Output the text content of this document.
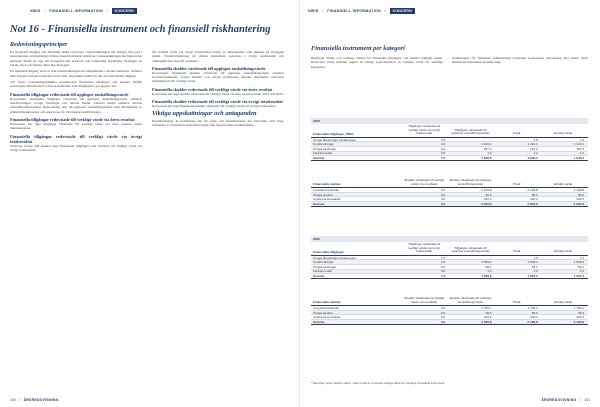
NWIS // FINANSIELL INFORMATION //	KONCERN
Not 16 - Finansiella instrument och finansiell riskhantering
Redovisningsprinciper

En finansiell tillgång och finansiell skuld redovisas i balansräkningen när bolaget blir part i instrumentets avtalsmässiga villkor. Kundfordringar redovisas i balansräkningen när faktura har skickats. Skuld tas upp när motparten har presterat och avtalsenlig skyldighet föreligger att betala, även om faktura ännu inte mottagits.

En finansiell tillgång tas bort från balansräkningen när rättigheterna i avtalet realiseras, förfaller eller bolaget förlorar kontrollen över dem. Detsamma gäller för del av en finansiell tillgång.

Vid första redovisningstillfället klassificeras finansiella tillgångar och skulder utifrån koncernens affärsmodell och de kassaflöden som tillgångarna ger upphov till.

Finansiella tillgångar redovisade till upplupet anskaffningsvärde

Koncernens finansiella tillgångar värderade till upplupet anskaffningsvärde omfattar kundfordringar, övriga fordringar och likvida medel. Likvida medel omfattar likvida banktillgodohavanden. Redovisning sker till upplupet anskaffningsvärde med tillämpning av effektivräntemetoden och reserveras för förväntade kreditförluster.

Finansiella tillgångar redovisade till verkligt värde via årets resultat

Koncernen har inga tillgångar värderade till verkligt värde via årets resultat under räkenskapsåret.

Finansiella tillgångar redovisade till verkligt värde via övrigt totalresultat

Nortwise Group AB innehar inga finansiella tillgångar som värderas till verkligt värde via övrigt totalresultat.

till verkligt värde via övrigt totalresultat består av aktieinnehav som innehas på strategisk grund. Värdeförändringar på sådana instrument redovisas i övrigt totalresultat och omklassificeras inte till resultatet.

Finansiella skulder värderade till upplupet anskaffningsvärde

Koncernens finansiella skulder värderade till upplupet anskaffningsvärde omfattar leverantörsskulder, övriga skulder och övriga kortfristiga skulder. Skulderna redovisas inledningsvis till verkligt värde.

Finansiella skulder redovisade till verkligt värde via årets resultat

Koncernen har inga skulder värderade till verkligt värde via årets resultat under 2023 och 2022.

Finansiella skulder redovisade till verkligt värde via övrigt totalresultat

Koncernen har inga finansiella skulder värderade till verkligt värde via övrigt totalresultat.

Viktiga uppskattningar och antaganden

Kundfordringar är kortfristiga till sin natur och kreditförluster har historiskt varit låga. Värdering av finansiella instrument utgår från observerbara marknadsdata.

100 // ÅRSREDOVISNING
NWIS // FINANSIELL INFORMATION //	KONCERN
Finansiella instrument per kategori

Bokförda värden och verkliga värden för finansiella tillgångar och skulder framgår nedan. Redovisat värde bedöms utgöra en rimlig approximation av verkligt värde för samtliga kategorier.

Avdelningen för finansiell riskhantering övervakar koncernens exponering mot risker inom finansiella instrument kontinuerligt.

2023
Finansiella tillgångar, TSEK
Tillgångar värderade till verkligt värde via övrigt totalresultat
Tillgångar värderade till upplupet anskaffningsvärde	Totalt	Verkligt värde
Övriga långfristiga värdepapper	7,5	–	7,5	7,5
Kundfordringar	0,0	1 444,1	1 444,1	1 444,1
Övriga fordringar	0,0	187,3	187,3	187,3
Likvida medel	0,0	1,2	1,2	1,2
Summa	7,5	1 632,6	1 640,1	1 640,1
Finansiella skulder
Skulder värderade till verkligt värde via resultatet
Skulder värderade till upplupet anskaffningsvärde	Totalt	Verkligt värde
Leverantörsskulder	0,0	2 109,8	2 109,8	2 109,8
Övriga skulder	0,0	80,2	80,2	80,2
Upplupna kostnader	0,0	432,3	432,3	432,3
Summa	0,0	2 622,3	2 622,3	2 622,3
2022
Finansiella tillgångar
Tillgångar värderade till verkligt värde via övrigt totalresultat
Tillgångar värderade till upplupet anskaffningsvärde	Totalt	Verkligt värde
Övriga långfristiga värdepapper	7,5	–	7,5	7,5
Kundfordringar	0,0	1 509,4	1 509,4	1 509,4
Övriga fordringar	0,0	89,1	89,1	89,1
Likvida medel	0,0	1,3	1,3	1,3
Summa	7,5	1 599,8	1 607,3	1 607,3
Finansiella skulder
Skulder värderade till verkligt värde via resultatet
Skulder värderade till upplupet anskaffningsvärde	Totalt	Verkligt värde
Leverantörsskulder	0,0	1 705,1	1 705,1	1 705,1
Övriga skulder	0,0	58,3	58,3	58,3
Upplupna kostnader	0,0	432,4	432,4	432,4
Summa	0,0	2 195,8	2 195,8	2 195,8
* Beloppen avser bokfört värde, vilket bedöms motsvara verkligt värde för samtliga finansiella instrument.
ÅRSREDOVISNING // 101
